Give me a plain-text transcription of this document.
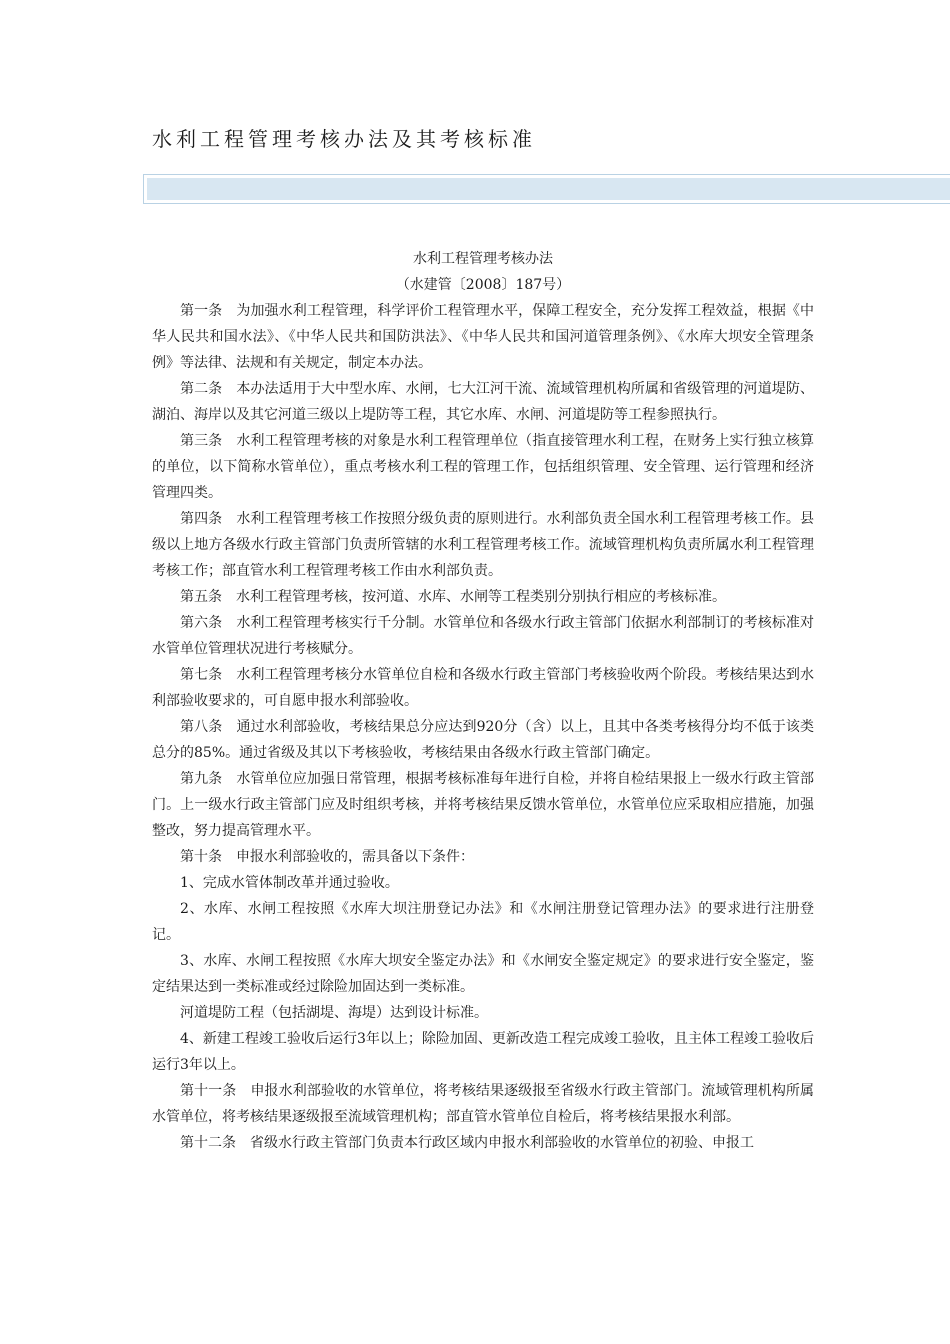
水利工程管理考核办法及其考核标准
水利工程管理考核办法

（水建管〔2008〕187号）

第一条　为加强水利工程管理，科学评价工程管理水平，保障工程安全，充分发挥工程效益，根据《中华人民共和国水法》、《中华人民共和国防洪法》、《中华人民共和国河道管理条例》、《水库大坝安全管理条例》等法律、法规和有关规定，制定本办法。

第二条　本办法适用于大中型水库、水闸，七大江河干流、流域管理机构所属和省级管理的河道堤防、湖泊、海岸以及其它河道三级以上堤防等工程，其它水库、水闸、河道堤防等工程参照执行。

第三条　水利工程管理考核的对象是水利工程管理单位（指直接管理水利工程，在财务上实行独立核算的单位，以下简称水管单位），重点考核水利工程的管理工作，包括组织管理、安全管理、运行管理和经济管理四类。

第四条　水利工程管理考核工作按照分级负责的原则进行。水利部负责全国水利工程管理考核工作。县级以上地方各级水行政主管部门负责所管辖的水利工程管理考核工作。流域管理机构负责所属水利工程管理考核工作；部直管水利工程管理考核工作由水利部负责。

第五条　水利工程管理考核，按河道、水库、水闸等工程类别分别执行相应的考核标准。

第六条　水利工程管理考核实行千分制。水管单位和各级水行政主管部门依据水利部制订的考核标准对水管单位管理状况进行考核赋分。

第七条　水利工程管理考核分水管单位自检和各级水行政主管部门考核验收两个阶段。考核结果达到水利部验收要求的，可自愿申报水利部验收。

第八条　通过水利部验收，考核结果总分应达到920分（含）以上，且其中各类考核得分均不低于该类总分的85%。通过省级及其以下考核验收，考核结果由各级水行政主管部门确定。

第九条　水管单位应加强日常管理，根据考核标准每年进行自检，并将自检结果报上一级水行政主管部门。上一级水行政主管部门应及时组织考核，并将考核结果反馈水管单位，水管单位应采取相应措施，加强整改，努力提高管理水平。

第十条　申报水利部验收的，需具备以下条件：

1、完成水管体制改革并通过验收。

2、水库、水闸工程按照《水库大坝注册登记办法》和《水闸注册登记管理办法》的要求进行注册登记。

3、水库、水闸工程按照《水库大坝安全鉴定办法》和《水闸安全鉴定规定》的要求进行安全鉴定，鉴定结果达到一类标准或经过除险加固达到一类标准。

河道堤防工程（包括湖堤、海堤）达到设计标准。

4、新建工程竣工验收后运行3年以上；除险加固、更新改造工程完成竣工验收，且主体工程竣工验收后运行3年以上。

第十一条　申报水利部验收的水管单位，将考核结果逐级报至省级水行政主管部门。流域管理机构所属水管单位，将考核结果逐级报至流域管理机构；部直管水管单位自检后，将考核结果报水利部。

第十二条　省级水行政主管部门负责本行政区域内申报水利部验收的水管单位的初验、申报工
